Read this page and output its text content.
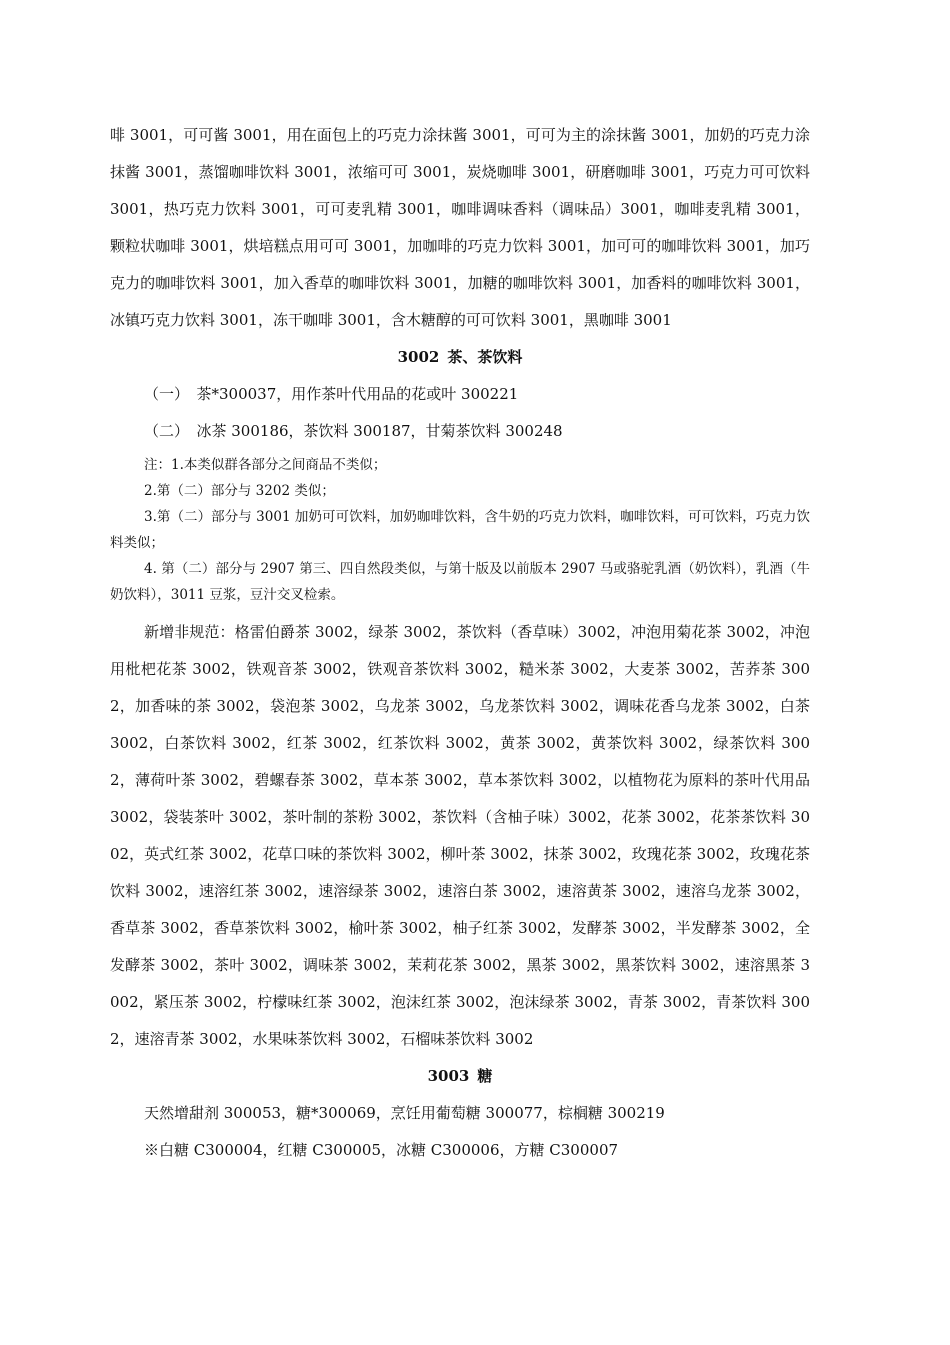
啡 3001，可可酱 3001，用在面包上的巧克力涂抹酱 3001，可可为主的涂抹酱 3001，加奶的巧克力涂抹酱 3001，蒸馏咖啡饮料 3001，浓缩可可 3001，炭烧咖啡 3001，研磨咖啡 3001，巧克力可可饮料 3001，热巧克力饮料 3001，可可麦乳精 3001，咖啡调味香料（调味品）3001，咖啡麦乳精 3001，颗粒状咖啡 3001，烘培糕点用可可 3001，加咖啡的巧克力饮料 3001，加可可的咖啡饮料 3001，加巧克力的咖啡饮料 3001，加入香草的咖啡饮料 3001，加糖的咖啡饮料 3001，加香料的咖啡饮料 3001，冰镇巧克力饮料 3001，冻干咖啡 3001，含木糖醇的可可饮料 3001，黑咖啡 3001

3002 茶、茶饮料

（一）　茶*300037，用作茶叶代用品的花或叶 300221

（二）　冰茶 300186，茶饮料 300187，甘菊茶饮料 300248

注：1.本类似群各部分之间商品不类似；

2.第（二）部分与 3202 类似；

3.第（二）部分与 3001 加奶可可饮料，加奶咖啡饮料，含牛奶的巧克力饮料，咖啡饮料，可可饮料，巧克力饮料类似；

4. 第（二）部分与 2907 第三、四自然段类似，与第十版及以前版本 2907 马或骆驼乳酒（奶饮料），乳酒（牛奶饮料），3011 豆浆，豆汁交叉检索。

新增非规范：格雷伯爵茶 3002，绿茶 3002，茶饮料（香草味）3002，冲泡用菊花茶 3002，冲泡用枇杷花茶 3002，铁观音茶 3002，铁观音茶饮料 3002，糙米茶 3002，大麦茶 3002，苦荞茶 3002，加香味的茶 3002，袋泡茶 3002，乌龙茶 3002，乌龙茶饮料 3002，调味花香乌龙茶 3002，白茶 3002，白茶饮料 3002，红茶 3002，红茶饮料 3002，黄茶 3002，黄茶饮料 3002，绿茶饮料 3002，薄荷叶茶 3002，碧螺春茶 3002，草本茶 3002，草本茶饮料 3002，以植物花为原料的茶叶代用品 3002，袋装茶叶 3002，茶叶制的茶粉 3002，茶饮料（含柚子味）3002，花茶 3002，花茶茶饮料 3002，英式红茶 3002，花草口味的茶饮料 3002，柳叶茶 3002，抹茶 3002，玫瑰花茶 3002，玫瑰花茶饮料 3002，速溶红茶 3002，速溶绿茶 3002，速溶白茶 3002，速溶黄茶 3002，速溶乌龙茶 3002，香草茶 3002，香草茶饮料 3002，榆叶茶 3002，柚子红茶 3002，发酵茶 3002，半发酵茶 3002，全发酵茶 3002，茶叶 3002，调味茶 3002，茉莉花茶 3002，黑茶 3002，黑茶饮料 3002，速溶黑茶 3002，紧压茶 3002，柠檬味红茶 3002，泡沫红茶 3002，泡沫绿茶 3002，青茶 3002，青茶饮料 3002，速溶青茶 3002，水果味茶饮料 3002，石榴味茶饮料 3002

3003 糖

天然增甜剂 300053，糖*300069，烹饪用葡萄糖 300077，棕榈糖 300219

※白糖 C300004，红糖 C300005，冰糖 C300006，方糖 C300007
